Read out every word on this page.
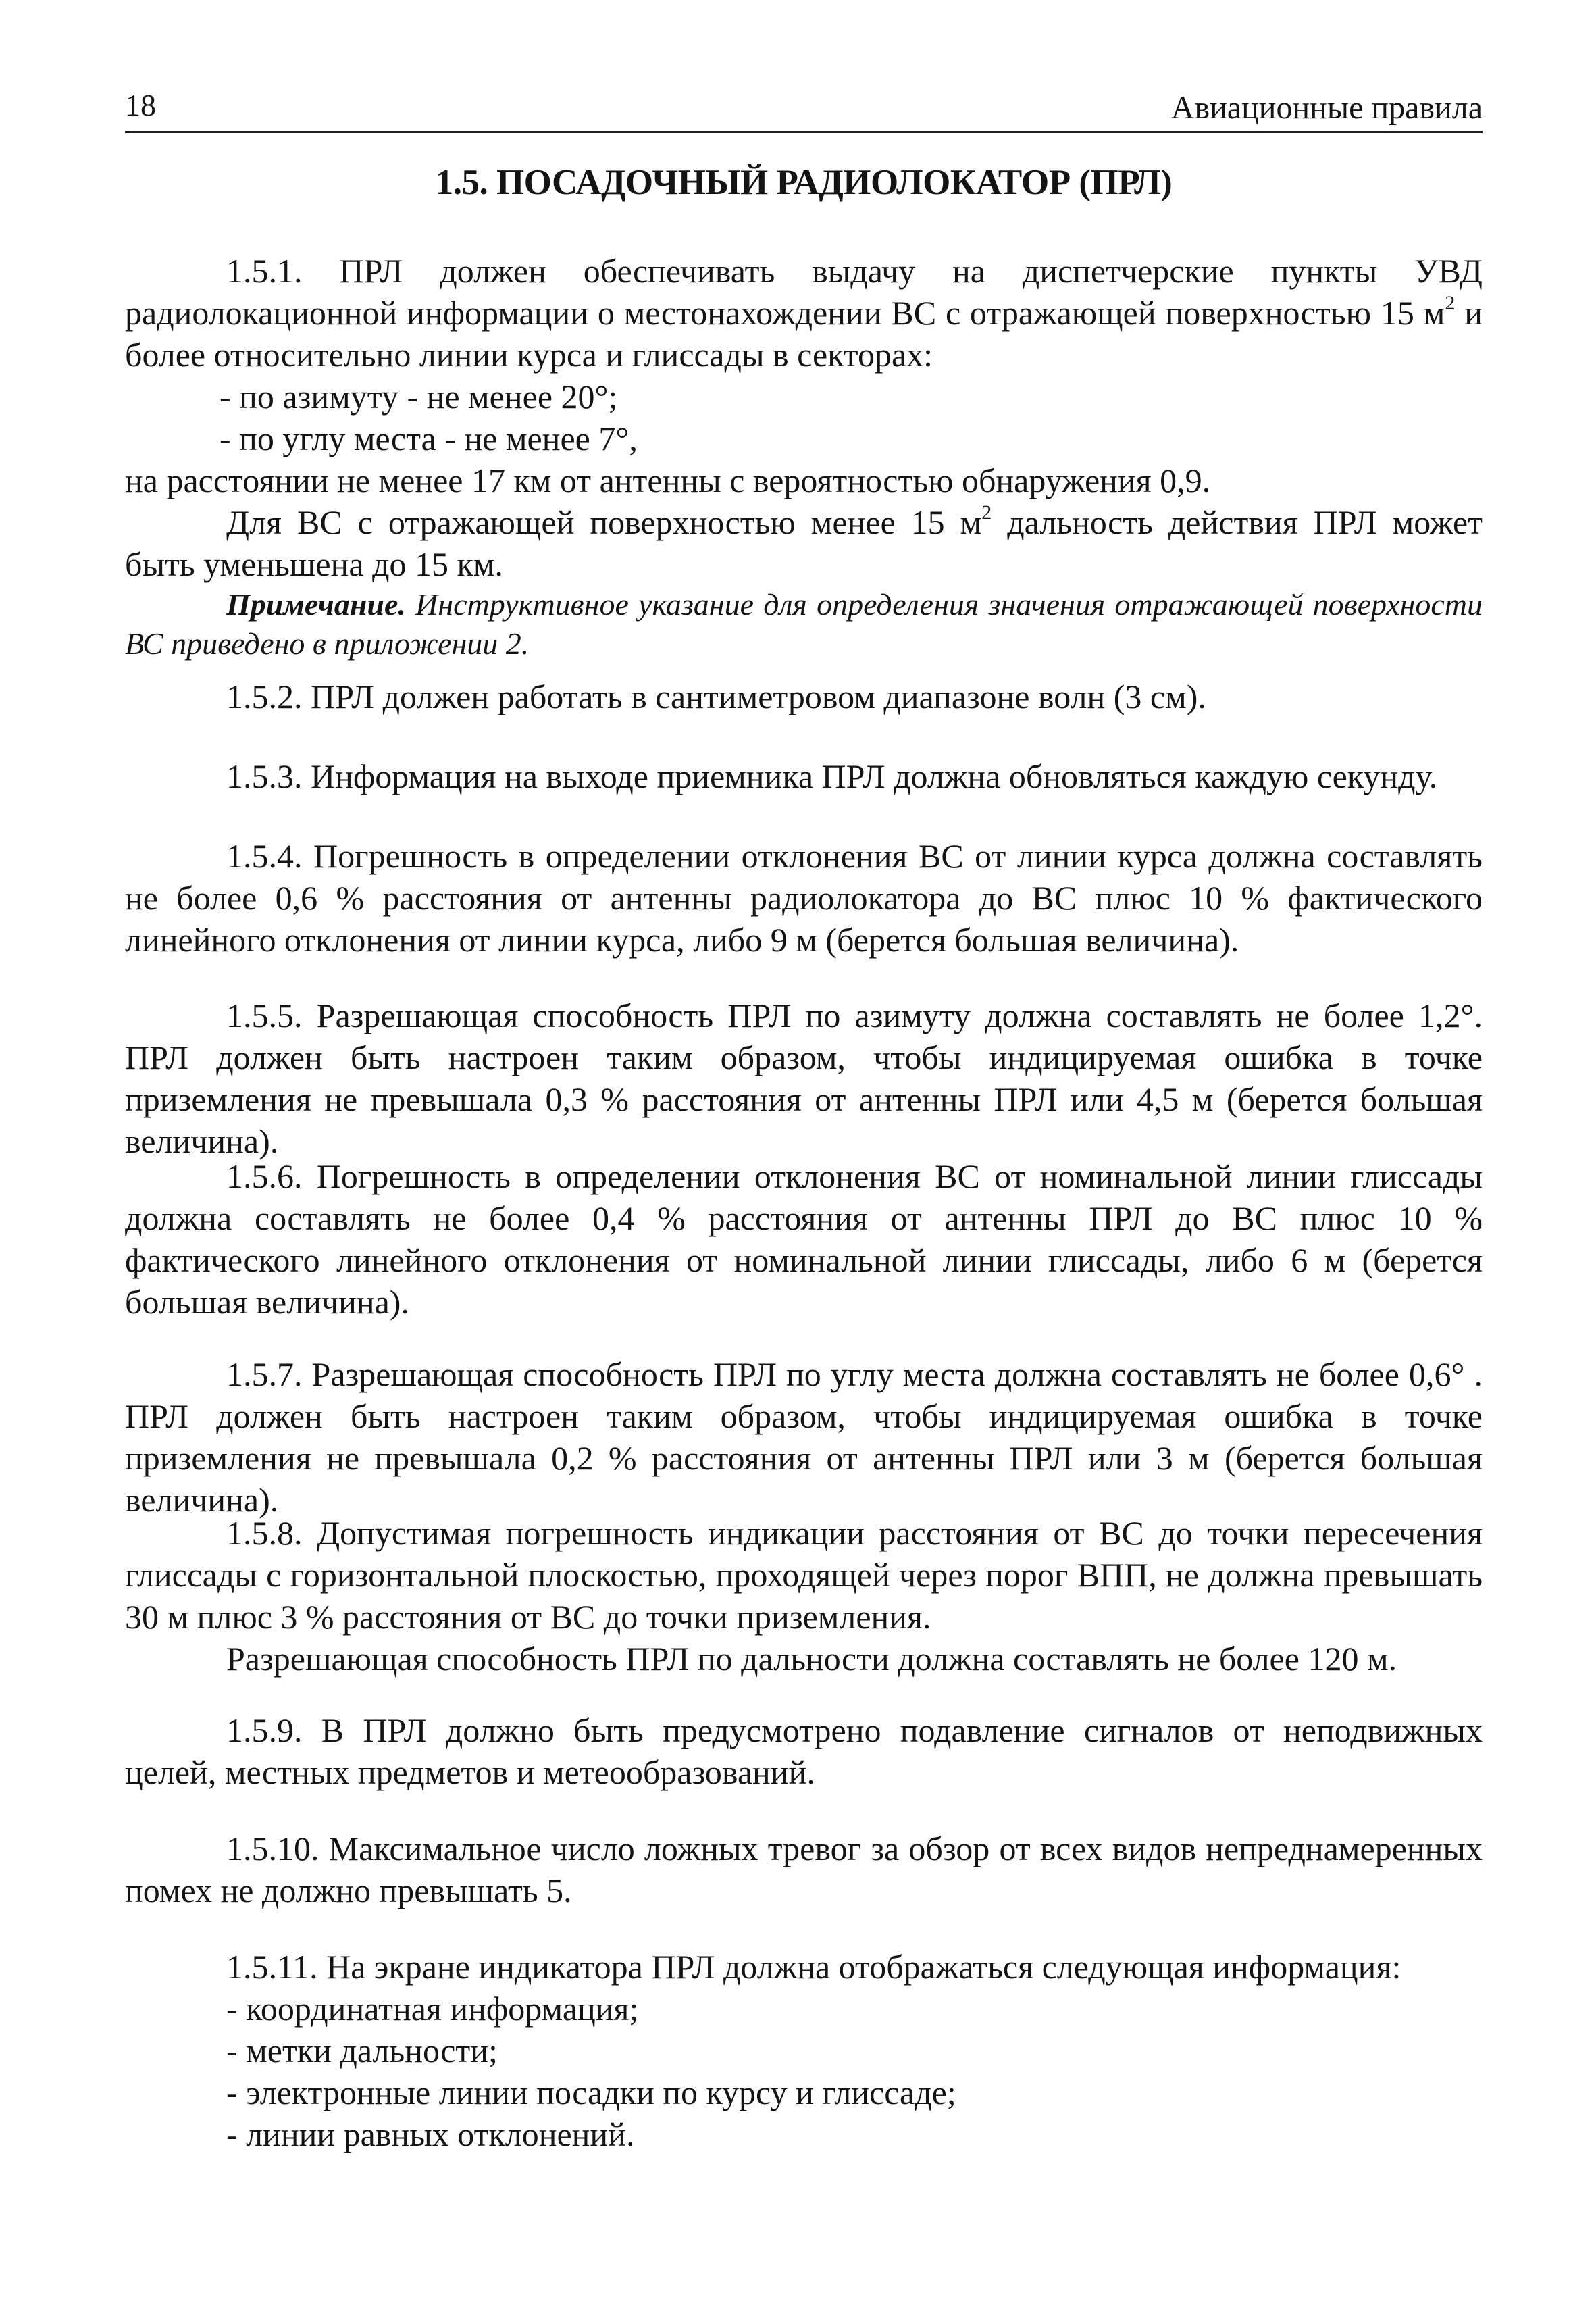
18	Авиационные правила
1.5. ПОСАДОЧНЫЙ РАДИОЛОКАТОР (ПРЛ)

1.5.1. ПРЛ должен обеспечивать выдачу на диспетчерские пункты УВД радиолокационной информации о местонахождении ВС с отражающей поверхностью 15 $м^2$ и более относительно линии курса и глиссады в секторах:

- по азимуту - не менее 20°;

- по углу места - не менее 7°,

на расстоянии не менее 17 км от антенны с вероятностью обнаружения 0,9.

Для ВС с отражающей поверхностью менее 15 $м^2$ дальность действия ПРЛ может быть уменьшена до 15 км.

Примечание. Инструктивное указание для определения значения отражающей поверхности ВС приведено в приложении 2.

1.5.2. ПРЛ должен работать в сантиметровом диапазоне волн (3 см).

1.5.3. Информация на выходе приемника ПРЛ должна обновляться каждую секунду.

1.5.4. Погрешность в определении отклонения ВС от линии курса должна составлять не более 0,6 % расстояния от антенны радиолокатора до ВС плюс 10 % фактического линейного отклонения от линии курса, либо 9 м (берется большая величина).

1.5.5. Разрешающая способность ПРЛ по азимуту должна составлять не более 1,2°. ПРЛ должен быть настроен таким образом, чтобы индицируемая ошибка в точке приземления не превышала 0,3 % расстояния от антенны ПРЛ или 4,5 м (берется большая величина).

1.5.6. Погрешность в определении отклонения ВС от номинальной линии глиссады должна составлять не более 0,4 % расстояния от антенны ПРЛ до ВС плюс 10 % фактического линейного отклонения от номинальной линии глиссады, либо 6 м (берется большая величина).

1.5.7. Разрешающая способность ПРЛ по углу места должна составлять не более 0,6° . ПРЛ должен быть настроен таким образом, чтобы индицируемая ошибка в точке приземления не превышала 0,2 % расстояния от антенны ПРЛ или 3 м (берется большая величина).

1.5.8. Допустимая погрешность индикации расстояния от ВС до точки пересечения глиссады с горизонтальной плоскостью, проходящей через порог ВПП, не должна превышать 30 м плюс 3 % расстояния от ВС до точки приземления.

Разрешающая способность ПРЛ по дальности должна составлять не более 120 м.

1.5.9. В ПРЛ должно быть предусмотрено подавление сигналов от неподвижных целей, местных предметов и метеообразований.

1.5.10. Максимальное число ложных тревог за обзор от всех видов непреднамеренных помех не должно превышать 5.

1.5.11. На экране индикатора ПРЛ должна отображаться следующая информация:

- координатная информация;

- метки дальности;

- электронные линии посадки по курсу и глиссаде;

- линии равных отклонений.
